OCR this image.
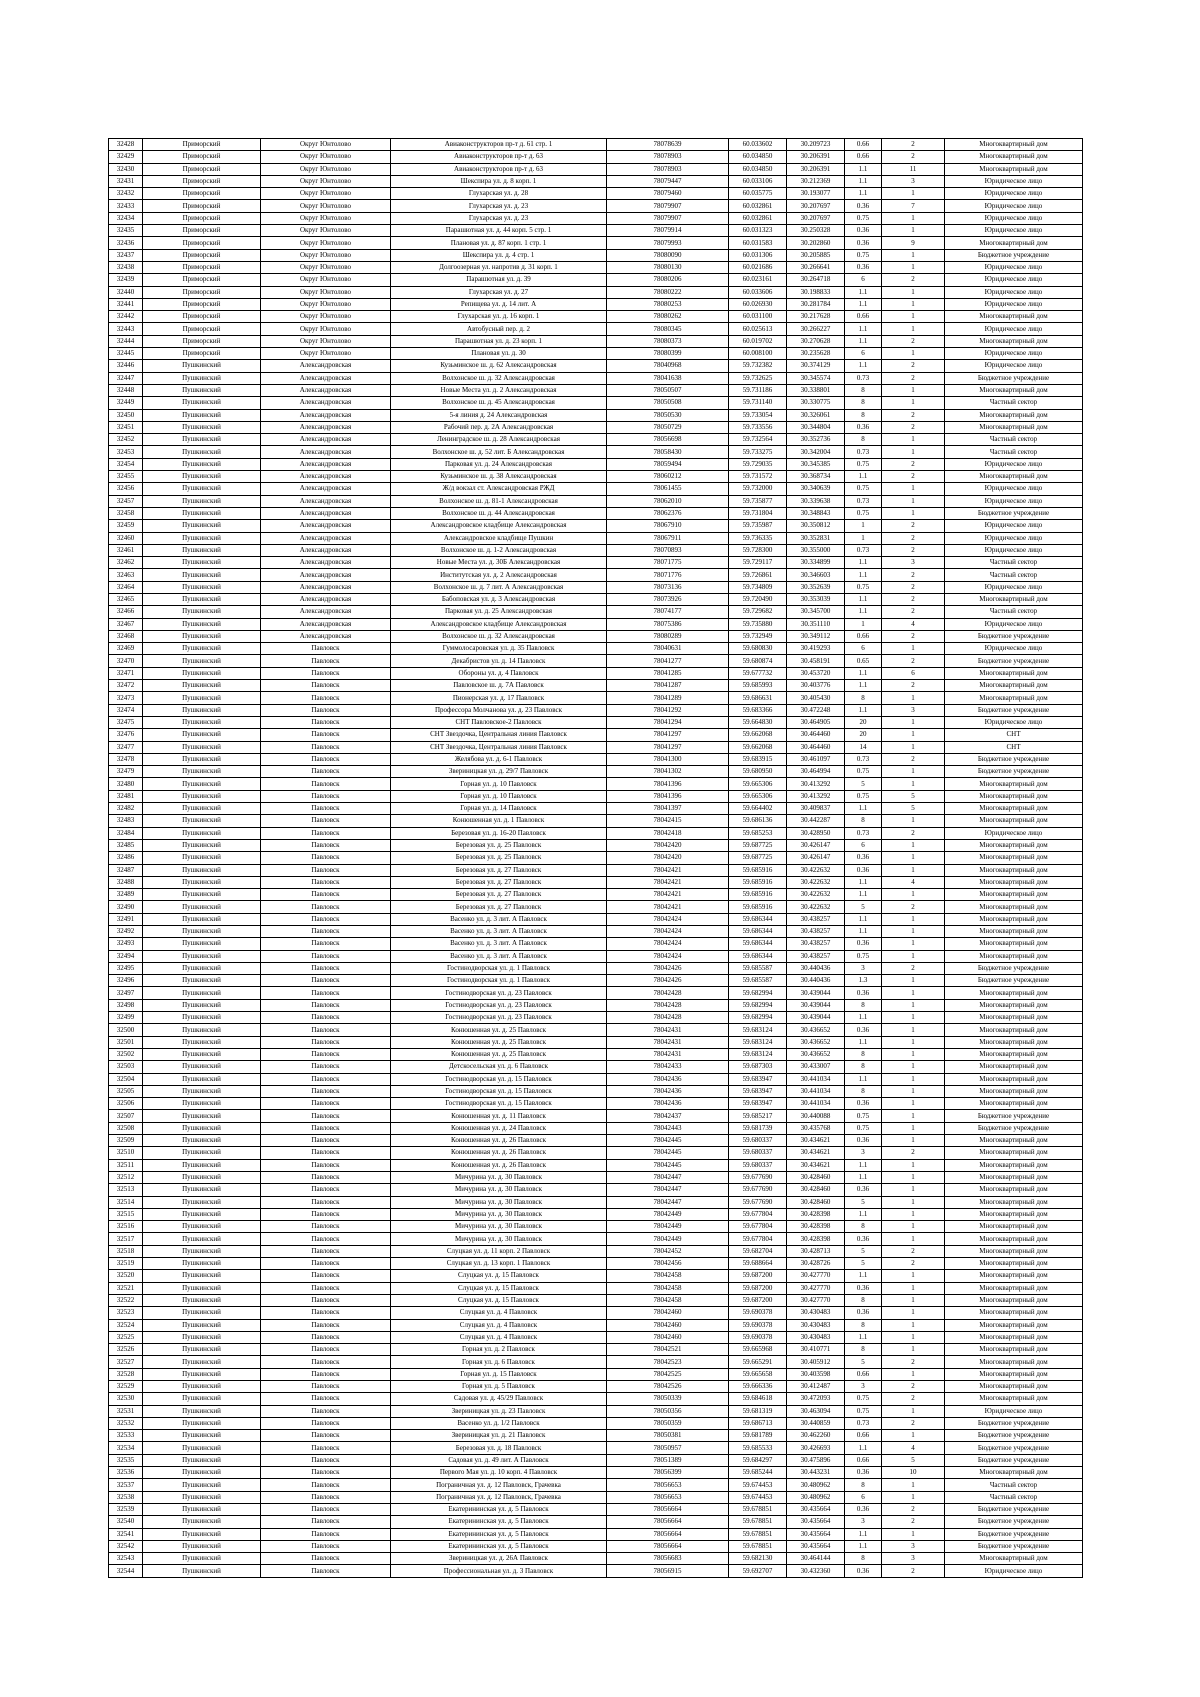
32428	Приморский	Округ Юнтолово	Авиаконструкторов пр-т д. 61 стр. 1	78078639	60.033602	30.209723	0.66	2	Многоквартирный дом
32429	Приморский	Округ Юнтолово	Авиаконструкторов пр-т д. 63	78078903	60.034850	30.206391	0.66	2	Многоквартирный дом
32430	Приморский	Округ Юнтолово	Авиаконструкторов пр-т д. 63	78078903	60.034850	30.206391	1.1	11	Многоквартирный дом
32431	Приморский	Округ Юнтолово	Шекспира ул. д. 8 корп. 1	78079447	60.033106	30.212369	1.1	3	Юридическое лицо
32432	Приморский	Округ Юнтолово	Глухарская ул. д. 28	78079460	60.035775	30.193077	1.1	1	Юридическое лицо
32433	Приморский	Округ Юнтолово	Глухарская ул. д. 23	78079907	60.032861	30.207697	0.36	7	Юридическое лицо
32434	Приморский	Округ Юнтолово	Глухарская ул. д. 23	78079907	60.032861	30.207697	0.75	1	Юридическое лицо
32435	Приморский	Округ Юнтолово	Парашютная ул. д. 44 корп. 5 стр. 1	78079914	60.031323	30.250328	0.36	1	Юридическое лицо
32436	Приморский	Округ Юнтолово	Плановая ул. д. 87 корп. 1 стр. 1	78079993	60.031583	30.202860	0.36	9	Многоквартирный дом
32437	Приморский	Округ Юнтолово	Шекспира ул. д. 4 стр. 1	78080090	60.031306	30.205885	0.75	1	Бюджетное учреждение
32438	Приморский	Округ Юнтолово	Долгоозерная ул. напротив д. 31 корп. 1	78080130	60.021686	30.266641	0.36	1	Юридическое лицо
32439	Приморский	Округ Юнтолово	Парашютная ул. д. 39	78080206	60.023161	30.264718	6	2	Юридическое лицо
32440	Приморский	Округ Юнтолово	Глухарская ул. д. 27	78080222	60.033606	30.198833	1.1	1	Юридическое лицо
32441	Приморский	Округ Юнтолово	Репищева ул. д. 14 лит. А	78080253	60.026930	30.281784	1.1	1	Юридическое лицо
32442	Приморский	Округ Юнтолово	Глухарская ул. д. 16 корп. 1	78080262	60.031100	30.217628	0.66	1	Многоквартирный дом
32443	Приморский	Округ Юнтолово	Автобусный пер. д. 2	78080345	60.025613	30.266227	1.1	1	Юридическое лицо
32444	Приморский	Округ Юнтолово	Парашютная ул. д. 23 корп. 1	78080373	60.019702	30.270628	1.1	2	Многоквартирный дом
32445	Приморский	Округ Юнтолово	Плановая ул. д. 30	78080399	60.008100	30.235628	6	1	Юридическое лицо
32446	Пушкинский	Александровская	Кузьминское ш. д. 62 Александровская	78040968	59.732382	30.374129	1.1	2	Юридическое лицо
32447	Пушкинский	Александровская	Волхонское ш. д. 32 Александровская	78041638	59.732625	30.345574	0.73	2	Бюджетное учреждение
32448	Пушкинский	Александровская	Новые Места ул. д. 2 Александровская	78050507	59.731186	30.338801	8	1	Многоквартирный дом
32449	Пушкинский	Александровская	Волхонское ш. д. 45 Александровская	78050508	59.731140	30.330775	8	1	Частный сектор
32450	Пушкинский	Александровская	5-я линия д. 24 Александровская	78050530	59.733054	30.326061	8	2	Многоквартирный дом
32451	Пушкинский	Александровская	Рабочий пер. д. 2А Александровская	78050729	59.733556	30.344804	0.36	2	Многоквартирный дом
32452	Пушкинский	Александровская	Ленинградское ш. д. 28 Александровская	78056698	59.732564	30.352736	8	1	Частный сектор
32453	Пушкинский	Александровская	Волхонское ш. д. 52 лит. Б Александровская	78058430	59.733275	30.342004	0.73	1	Частный сектор
32454	Пушкинский	Александровская	Парковая ул. д. 24 Александровская	78059494	59.729035	30.345385	0.75	2	Юридическое лицо
32455	Пушкинский	Александровская	Кузьминское ш. д. 38 Александровская	78060212	59.731572	30.368734	1.1	2	Многоквартирный дом
32456	Пушкинский	Александровская	Ж/д вокзал ст. Александровская РЖД	78061455	59.732000	30.340639	0.75	1	Юридическое лицо
32457	Пушкинский	Александровская	Волхонское ш. д. 81-1 Александровская	78062010	59.735877	30.339638	0.73	1	Юридическое лицо
32458	Пушкинский	Александровская	Волхонское ш. д. 44 Александровская	78062376	59.731804	30.348843	0.75	1	Бюджетное учреждение
32459	Пушкинский	Александровская	Александровское кладбище Александровская	78067910	59.735987	30.350812	1	2	Юридическое лицо
32460	Пушкинский	Александровская	Александровское кладбище Пушкин	78067911	59.736335	30.352831	1	2	Юридическое лицо
32461	Пушкинский	Александровская	Волхонское ш. д. 1-2 Александровская	78070893	59.728300	30.355000	0.73	2	Юридическое лицо
32462	Пушкинский	Александровская	Новые Места ул. д. 30Б Александровская	78071775	59.729117	30.334899	1.1	3	Частный сектор
32463	Пушкинский	Александровская	Институтская ул. д. 2 Александровская	78071776	59.726861	30.346603	1.1	2	Частный сектор
32464	Пушкинский	Александровская	Волхонское ш. д. 7 лит. А Александровская	78073136	59.734809	30.352639	0.75	2	Юридическое лицо
32465	Пушкинский	Александровская	Бабоповская ул. д. 3 Александровская	78073926	59.720490	30.353039	1.1	2	Многоквартирный дом
32466	Пушкинский	Александровская	Парковая ул. д. 25 Александровская	78074177	59.729682	30.345700	1.1	2	Частный сектор
32467	Пушкинский	Александровская	Александровское кладбище Александровская	78075386	59.735880	30.351110	1	4	Юридическое лицо
32468	Пушкинский	Александровская	Волхонское ш. д. 32 Александровская	78080289	59.732949	30.349112	0.66	2	Бюджетное учреждение
32469	Пушкинский	Павловск	Гуммолосаровская ул. д. 35 Павловск	78040631	59.680830	30.419293	6	1	Юридическое лицо
32470	Пушкинский	Павловск	Декабристов ул. д. 14 Павловск	78041277	59.680874	30.458191	0.65	2	Бюджетное учреждение
32471	Пушкинский	Павловск	Обороны ул. д. 4 Павловск	78041285	59.677732	30.453720	1.1	6	Многоквартирный дом
32472	Пушкинский	Павловск	Павловское ш. д. 7А Павловск	78041287	59.685993	30.403776	1.1	2	Многоквартирный дом
32473	Пушкинский	Павловск	Пионерская ул. д. 17 Павловск	78041289	59.686631	30.405430	8	1	Многоквартирный дом
32474	Пушкинский	Павловск	Профессора Молчанова ул. д. 23 Павловск	78041292	59.683366	30.472248	1.1	3	Бюджетное учреждение
32475	Пушкинский	Павловск	СНТ Павловское-2 Павловск	78041294	59.664830	30.464905	20	1	Юридическое лицо
32476	Пушкинский	Павловск	СНТ Звездочка, Центральная линия Павловск	78041297	59.662068	30.464460	20	1	СНТ
32477	Пушкинский	Павловск	СНТ Звездочка, Центральная линия Павловск	78041297	59.662068	30.464460	14	1	СНТ
32478	Пушкинский	Павловск	Желябова ул. д. 6-1 Павловск	78041300	59.683915	30.461097	0.73	2	Бюджетное учреждение
32479	Пушкинский	Павловск	Звериницкая ул. д. 29/7 Павловск	78041302	59.680950	30.464994	0.75	1	Бюджетное учреждение
32480	Пушкинский	Павловск	Горная ул. д. 10 Павловск	78041396	59.665306	30.413292	5	1	Многоквартирный дом
32481	Пушкинский	Павловск	Горная ул. д. 10 Павловск	78041396	59.665306	30.413292	0.75	5	Многоквартирный дом
32482	Пушкинский	Павловск	Горная ул. д. 14 Павловск	78041397	59.664402	30.409837	1.1	5	Многоквартирный дом
32483	Пушкинский	Павловск	Конюшенная ул. д. 1 Павловск	78042415	59.686136	30.442287	8	1	Многоквартирный дом
32484	Пушкинский	Павловск	Березовая ул. д. 16-20 Павловск	78042418	59.685253	30.428950	0.73	2	Юридическое лицо
32485	Пушкинский	Павловск	Березовая ул. д. 25 Павловск	78042420	59.687725	30.426147	6	1	Многоквартирный дом
32486	Пушкинский	Павловск	Березовая ул. д. 25 Павловск	78042420	59.687725	30.426147	0.36	1	Многоквартирный дом
32487	Пушкинский	Павловск	Березовая ул. д. 27 Павловск	78042421	59.685916	30.422632	0.36	1	Многоквартирный дом
32488	Пушкинский	Павловск	Березовая ул. д. 27 Павловск	78042421	59.685916	30.422632	1.1	4	Многоквартирный дом
32489	Пушкинский	Павловск	Березовая ул. д. 27 Павловск	78042421	59.685916	30.422632	1.1	1	Многоквартирный дом
32490	Пушкинский	Павловск	Березовая ул. д. 27 Павловск	78042421	59.685916	30.422632	5	2	Многоквартирный дом
32491	Пушкинский	Павловск	Васенко ул. д. 3 лит. А Павловск	78042424	59.686344	30.438257	1.1	1	Многоквартирный дом
32492	Пушкинский	Павловск	Васенко ул. д. 3 лит. А Павловск	78042424	59.686344	30.438257	1.1	1	Многоквартирный дом
32493	Пушкинский	Павловск	Васенко ул. д. 3 лит. А Павловск	78042424	59.686344	30.438257	0.36	1	Многоквартирный дом
32494	Пушкинский	Павловск	Васенко ул. д. 3 лит. А Павловск	78042424	59.686344	30.438257	0.75	1	Многоквартирный дом
32495	Пушкинский	Павловск	Гостинодворская ул. д. 1 Павловск	78042426	59.685587	30.440436	3	2	Бюджетное учреждение
32496	Пушкинский	Павловск	Гостинодворская ул. д. 1 Павловск	78042426	59.685587	30.440436	1.3	1	Бюджетное учреждение
32497	Пушкинский	Павловск	Гостинодворская ул. д. 23 Павловск	78042428	59.682994	30.439044	0.36	1	Многоквартирный дом
32498	Пушкинский	Павловск	Гостинодворская ул. д. 23 Павловск	78042428	59.682994	30.439044	8	1	Многоквартирный дом
32499	Пушкинский	Павловск	Гостинодворская ул. д. 23 Павловск	78042428	59.682994	30.439044	1.1	1	Многоквартирный дом
32500	Пушкинский	Павловск	Конюшенная ул. д. 25 Павловск	78042431	59.683124	30.436652	0.36	1	Многоквартирный дом
32501	Пушкинский	Павловск	Конюшенная ул. д. 25 Павловск	78042431	59.683124	30.436652	1.1	1	Многоквартирный дом
32502	Пушкинский	Павловск	Конюшенная ул. д. 25 Павловск	78042431	59.683124	30.436652	8	1	Многоквартирный дом
32503	Пушкинский	Павловск	Детскосельская ул. д. 6 Павловск	78042433	59.687303	30.433007	8	1	Многоквартирный дом
32504	Пушкинский	Павловск	Гостинодворская ул. д. 15 Павловск	78042436	59.683947	30.441034	1.1	1	Многоквартирный дом
32505	Пушкинский	Павловск	Гостинодворская ул. д. 15 Павловск	78042436	59.683947	30.441034	8	1	Многоквартирный дом
32506	Пушкинский	Павловск	Гостинодворская ул. д. 15 Павловск	78042436	59.683947	30.441034	0.36	1	Многоквартирный дом
32507	Пушкинский	Павловск	Конюшенная ул. д. 11 Павловск	78042437	59.685217	30.440088	0.75	1	Бюджетное учреждение
32508	Пушкинский	Павловск	Конюшенная ул. д. 24 Павловск	78042443	59.681739	30.435768	0.75	1	Бюджетное учреждение
32509	Пушкинский	Павловск	Конюшенная ул. д. 26 Павловск	78042445	59.680337	30.434621	0.36	1	Многоквартирный дом
32510	Пушкинский	Павловск	Конюшенная ул. д. 26 Павловск	78042445	59.680337	30.434621	3	2	Многоквартирный дом
32511	Пушкинский	Павловск	Конюшенная ул. д. 26 Павловск	78042445	59.680337	30.434621	1.1	1	Многоквартирный дом
32512	Пушкинский	Павловск	Мичурина ул. д. 30 Павловск	78042447	59.677690	30.428460	1.1	1	Многоквартирный дом
32513	Пушкинский	Павловск	Мичурина ул. д. 30 Павловск	78042447	59.677690	30.428460	0.36	1	Многоквартирный дом
32514	Пушкинский	Павловск	Мичурина ул. д. 30 Павловск	78042447	59.677690	30.428460	5	1	Многоквартирный дом
32515	Пушкинский	Павловск	Мичурина ул. д. 30 Павловск	78042449	59.677804	30.428398	1.1	1	Многоквартирный дом
32516	Пушкинский	Павловск	Мичурина ул. д. 30 Павловск	78042449	59.677804	30.428398	8	1	Многоквартирный дом
32517	Пушкинский	Павловск	Мичурина ул. д. 30 Павловск	78042449	59.677804	30.428398	0.36	1	Многоквартирный дом
32518	Пушкинский	Павловск	Слуцкая ул. д. 11 корп. 2 Павловск	78042452	59.682704	30.428713	5	2	Многоквартирный дом
32519	Пушкинский	Павловск	Слуцкая ул. д. 13 корп. 1 Павловск	78042456	59.688664	30.428726	5	2	Многоквартирный дом
32520	Пушкинский	Павловск	Слуцкая ул. д. 15 Павловск	78042458	59.687200	30.427770	1.1	1	Многоквартирный дом
32521	Пушкинский	Павловск	Слуцкая ул. д. 15 Павловск	78042458	59.687200	30.427770	0.36	1	Многоквартирный дом
32522	Пушкинский	Павловск	Слуцкая ул. д. 15 Павловск	78042458	59.687200	30.427770	8	1	Многоквартирный дом
32523	Пушкинский	Павловск	Слуцкая ул. д. 4 Павловск	78042460	59.690378	30.430483	0.36	1	Многоквартирный дом
32524	Пушкинский	Павловск	Слуцкая ул. д. 4 Павловск	78042460	59.690378	30.430483	8	1	Многоквартирный дом
32525	Пушкинский	Павловск	Слуцкая ул. д. 4 Павловск	78042460	59.690378	30.430483	1.1	1	Многоквартирный дом
32526	Пушкинский	Павловск	Горная ул. д. 2 Павловск	78042521	59.665968	30.410771	8	1	Многоквартирный дом
32527	Пушкинский	Павловск	Горная ул. д. 6 Павловск	78042523	59.665291	30.405912	5	2	Многоквартирный дом
32528	Пушкинский	Павловск	Горная ул. д. 15 Павловск	78042525	59.665658	30.403598	0.66	1	Многоквартирный дом
32529	Пушкинский	Павловск	Горная ул. д. 5 Павловск	78042526	59.666336	30.412487	3	2	Многоквартирный дом
32530	Пушкинский	Павловск	Садовая ул. д. 45/29 Павловск	78050339	59.684618	30.472093	0.75	2	Многоквартирный дом
32531	Пушкинский	Павловск	Звериницкая ул. д. 23 Павловск	78050356	59.681319	30.463094	0.75	1	Юридическое лицо
32532	Пушкинский	Павловск	Васенко ул. д. 1/2 Павловск	78050359	59.686713	30.440859	0.73	2	Бюджетное учреждение
32533	Пушкинский	Павловск	Звериницкая ул. д. 21 Павловск	78050381	59.681789	30.462260	0.66	1	Бюджетное учреждение
32534	Пушкинский	Павловск	Березовая ул. д. 18 Павловск	78050957	59.685533	30.426693	1.1	4	Бюджетное учреждение
32535	Пушкинский	Павловск	Садовая ул. д. 49 лит. А Павловск	78051389	59.684297	30.475896	0.66	5	Бюджетное учреждение
32536	Пушкинский	Павловск	Первого Мая ул. д. 10 корп. 4 Павловск	78056399	59.685244	30.443231	0.36	10	Многоквартирный дом
32537	Пушкинский	Павловск	Пограничная ул. д. 12 Павловск, Грачевка	78056653	59.674453	30.480962	8	1	Частный сектор
32538	Пушкинский	Павловск	Пограничная ул. д. 12 Павловск, Грачевка	78056653	59.674453	30.480962	6	1	Частный сектор
32539	Пушкинский	Павловск	Екатерининская ул. д. 5 Павловск	78056664	59.678851	30.435664	0.36	2	Бюджетное учреждение
32540	Пушкинский	Павловск	Екатерининская ул. д. 5 Павловск	78056664	59.678851	30.435664	3	2	Бюджетное учреждение
32541	Пушкинский	Павловск	Екатерининская ул. д. 5 Павловск	78056664	59.678851	30.435664	1.1	1	Бюджетное учреждение
32542	Пушкинский	Павловск	Екатерининская ул. д. 5 Павловск	78056664	59.678851	30.435664	1.1	3	Бюджетное учреждение
32543	Пушкинский	Павловск	Звериницкая ул. д. 26А Павловск	78056683	59.682130	30.464144	8	3	Многоквартирный дом
32544	Пушкинский	Павловск	Профессиональная ул. д. 3 Павловск	78056915	59.692707	30.432360	0.36	2	Юридическое лицо
